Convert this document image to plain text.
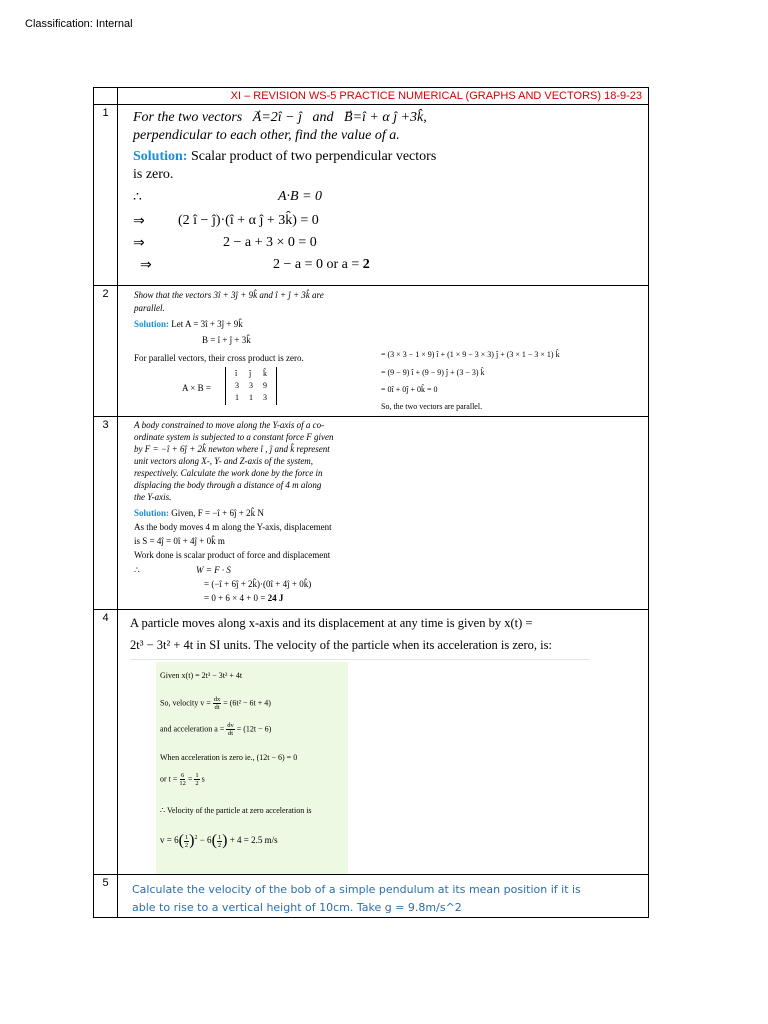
Classification: Internal
	XI – REVISION WS-5 PRACTICE NUMERICAL (GRAPHS AND VECTORS) 18-9-23
1	For the two vectors → A=2î − ĵ and → B=î + α ĵ +3k̂,
perpendicular to each other, find the value of a.
Solution: Scalar product of two perpendicular vectors
is zero.
∴	A·B = 0
⇒ (2 î − ĵ)·(î + α ĵ + 3k̂) = 0
⇒	2 − a + 3 × 0 = 0
⇒	2 − a = 0 or a = 2

2	Show that the vectors 3î + 3ĵ + 9k̂ and î + ĵ + 3k̂ are
parallel.
Solution: Let A = 3î + 3ĵ + 9k̂
B = î + ĵ + 3k̂
For parallel vectors, their cross product is zero.
A × B =
î	ĵ	k̂
3	3	9
1	1	3
= (3 × 3 − 1 × 9) î + (1 × 9 − 3 × 3) ĵ + (3 × 1 − 3 × 1) k̂
= (9 − 9) î + (9 − 9) ĵ + (3 − 3) k̂
= 0î + 0ĵ + 0k̂ = 0
So, the two vectors are parallel.

3	A body constrained to move along the Y-axis of a co-
ordinate system is subjected to a constant force F given
by F = −î + 6ĵ + 2k̂ newton where î , ĵ and k̂ represent
unit vectors along X-, Y- and Z-axis of the system,
respectively. Calculate the work done by the force in
displacing the body through a distance of 4 m along
the Y-axis.
Solution: Given, F = −î + 6ĵ + 2k̂ N
As the body moves 4 m along the Y-axis, displacement
is S = 4ĵ = 0î + 4ĵ + 0k̂ m
Work done is scalar product of force and displacement
∴	W = F · S
= (−î + 6ĵ + 2k̂)·(0î + 4ĵ + 0k̂)
= 0 + 6 × 4 + 0 = 24 J

4	A particle moves along x-axis and its displacement at any time is given by x(t) =
2t³ − 3t² + 4t in SI units. The velocity of the particle when its acceleration is zero, is:
Given x(t) = 2t³ − 3t² + 4t
So, velocity $v = \frac{dx}{dt} = (6t^2 - 6t + 4)$
and acceleration $a = \frac{dv}{dt} = (12t - 6)$
When acceleration is zero ie., (12t − 6) = 0
or $t = \frac{6}{12} = \frac{1}{2}$ s
∴ Velocity of the particle at zero acceleration is
$v = 6( \frac{1}{2} )^2 - 6( \frac{1}{2}$ ) + 4 = 2.5 m/s

5	Calculate the velocity of the bob of a simple pendulum at its mean position if it is
able to rise to a vertical height of 10cm. Take g = 9.8m/s^2
